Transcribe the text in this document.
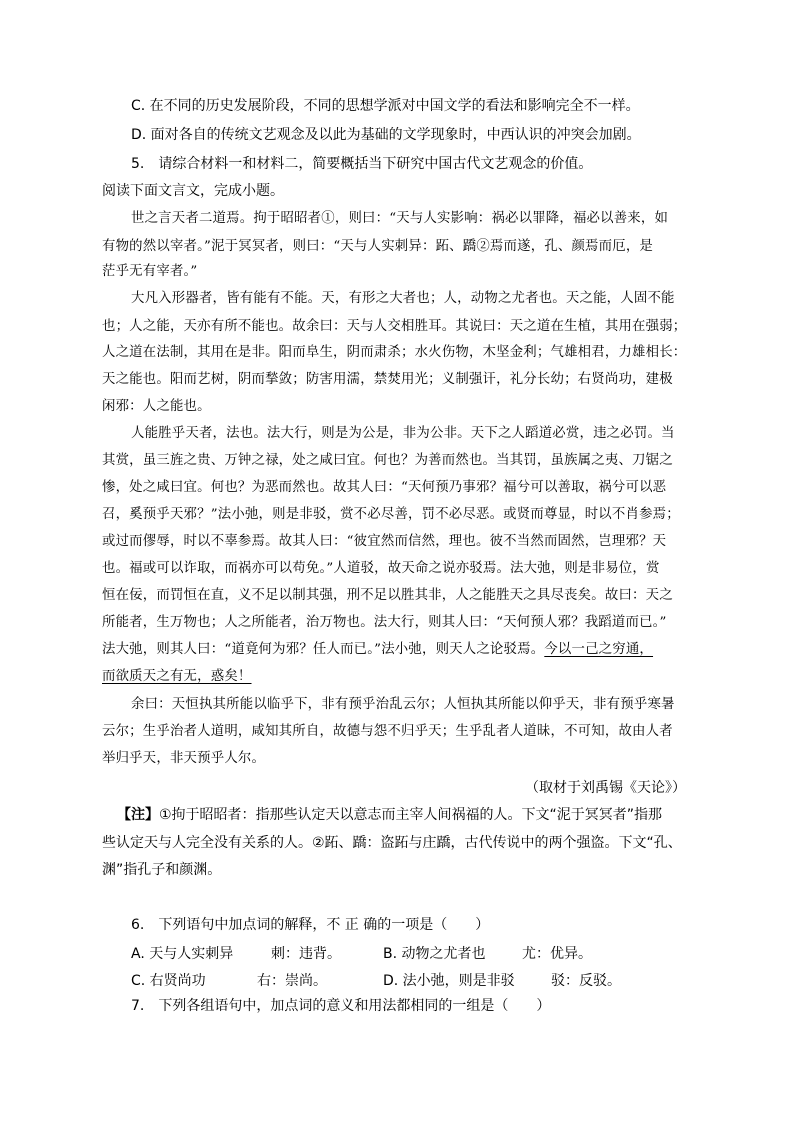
C. 在不同的历史发展阶段，不同的思想学派对中国文学的看法和影响完全不一样。
D. 面对各自的传统文艺观念及以此为基础的文学现象时，中西认识的冲突会加剧。
5.　请综合材料一和材料二，简要概括当下研究中国古代文艺观念的价值。
阅读下面文言文，完成小题。
世之言天者二道焉。拘于昭昭者①，则曰：“天与人实影响：祸必以罪降，福必以善来，如
有物的然以宰者。”泥于冥冥者，则曰：“天与人实刺异：跖、蹻②焉而遂，孔、颜焉而厄，是
茫乎无有宰者。”
大凡入形器者，皆有能有不能。天，有形之大者也；人，动物之尤者也。天之能，人固不能
也；人之能，天亦有所不能也。故余曰：天与人交相胜耳。其说曰：天之道在生植，其用在强弱；
人之道在法制，其用在是非。阳而阜生，阴而肃杀；水火伤物，木坚金利；气雄相君，力雄相长：
天之能也。阳而艺树，阴而揫敛；防害用濡，禁焚用光；义制强讦，礼分长幼；右贤尚功，建极
闲邪：人之能也。
人能胜乎天者，法也。法大行，则是为公是，非为公非。天下之人蹈道必赏，违之必罚。当
其赏，虽三旌之贵、万钟之禄，处之咸曰宜。何也？为善而然也。当其罚，虽族属之夷、刀锯之
惨，处之咸曰宜。何也？为恶而然也。故其人曰：“天何预乃事邪？福兮可以善取，祸兮可以恶
召，奚预乎天邪？”法小弛，则是非驳，赏不必尽善，罚不必尽恶。或贤而尊显，时以不肖参焉；
或过而僇辱，时以不辜参焉。故其人曰：“彼宜然而信然，理也。彼不当然而固然，岂理邪？天
也。福或可以诈取，而祸亦可以苟免。”人道驳，故天命之说亦驳焉。法大弛，则是非易位，赏
恒在佞，而罚恒在直，义不足以制其强，刑不足以胜其非，人之能胜天之具尽丧矣。故曰：天之
所能者，生万物也；人之所能者，治万物也。法大行，则其人曰：“天何预人邪？我蹈道而已。”
法大弛，则其人曰：“道竟何为邪？任人而已。”法小弛，则天人之论驳焉。今以一己之穷通，
而欲质天之有无，惑矣！
余曰：天恒执其所能以临乎下，非有预乎治乱云尔；人恒执其所能以仰乎天，非有预乎寒暑
云尔；生乎治者人道明，咸知其所自，故德与怨不归乎天；生乎乱者人道昧，不可知，故由人者
举归乎天，非天预乎人尔。
（取材于刘禹锡《天论》）
【注】①拘于昭昭者：指那些认定天以意志而主宰人间祸福的人。下文“泥于冥冥者”指那
些认定天与人完全没有关系的人。②跖、蹻：盗跖与庄蹻，古代传说中的两个强盗。下文“孔、
渊”指孔子和颜渊。
6.　下列语句中加点词的解释，不 正 确的一项是（　　）
A. 天与人实刺异	刺：违背。	B. 动物之尤者也	尤：优异。
C. 右贤尚功	右：崇尚。	D. 法小弛，则是非驳	驳：反驳。
7.　下列各组语句中，加点词的意义和用法都相同的一组是（　　）
